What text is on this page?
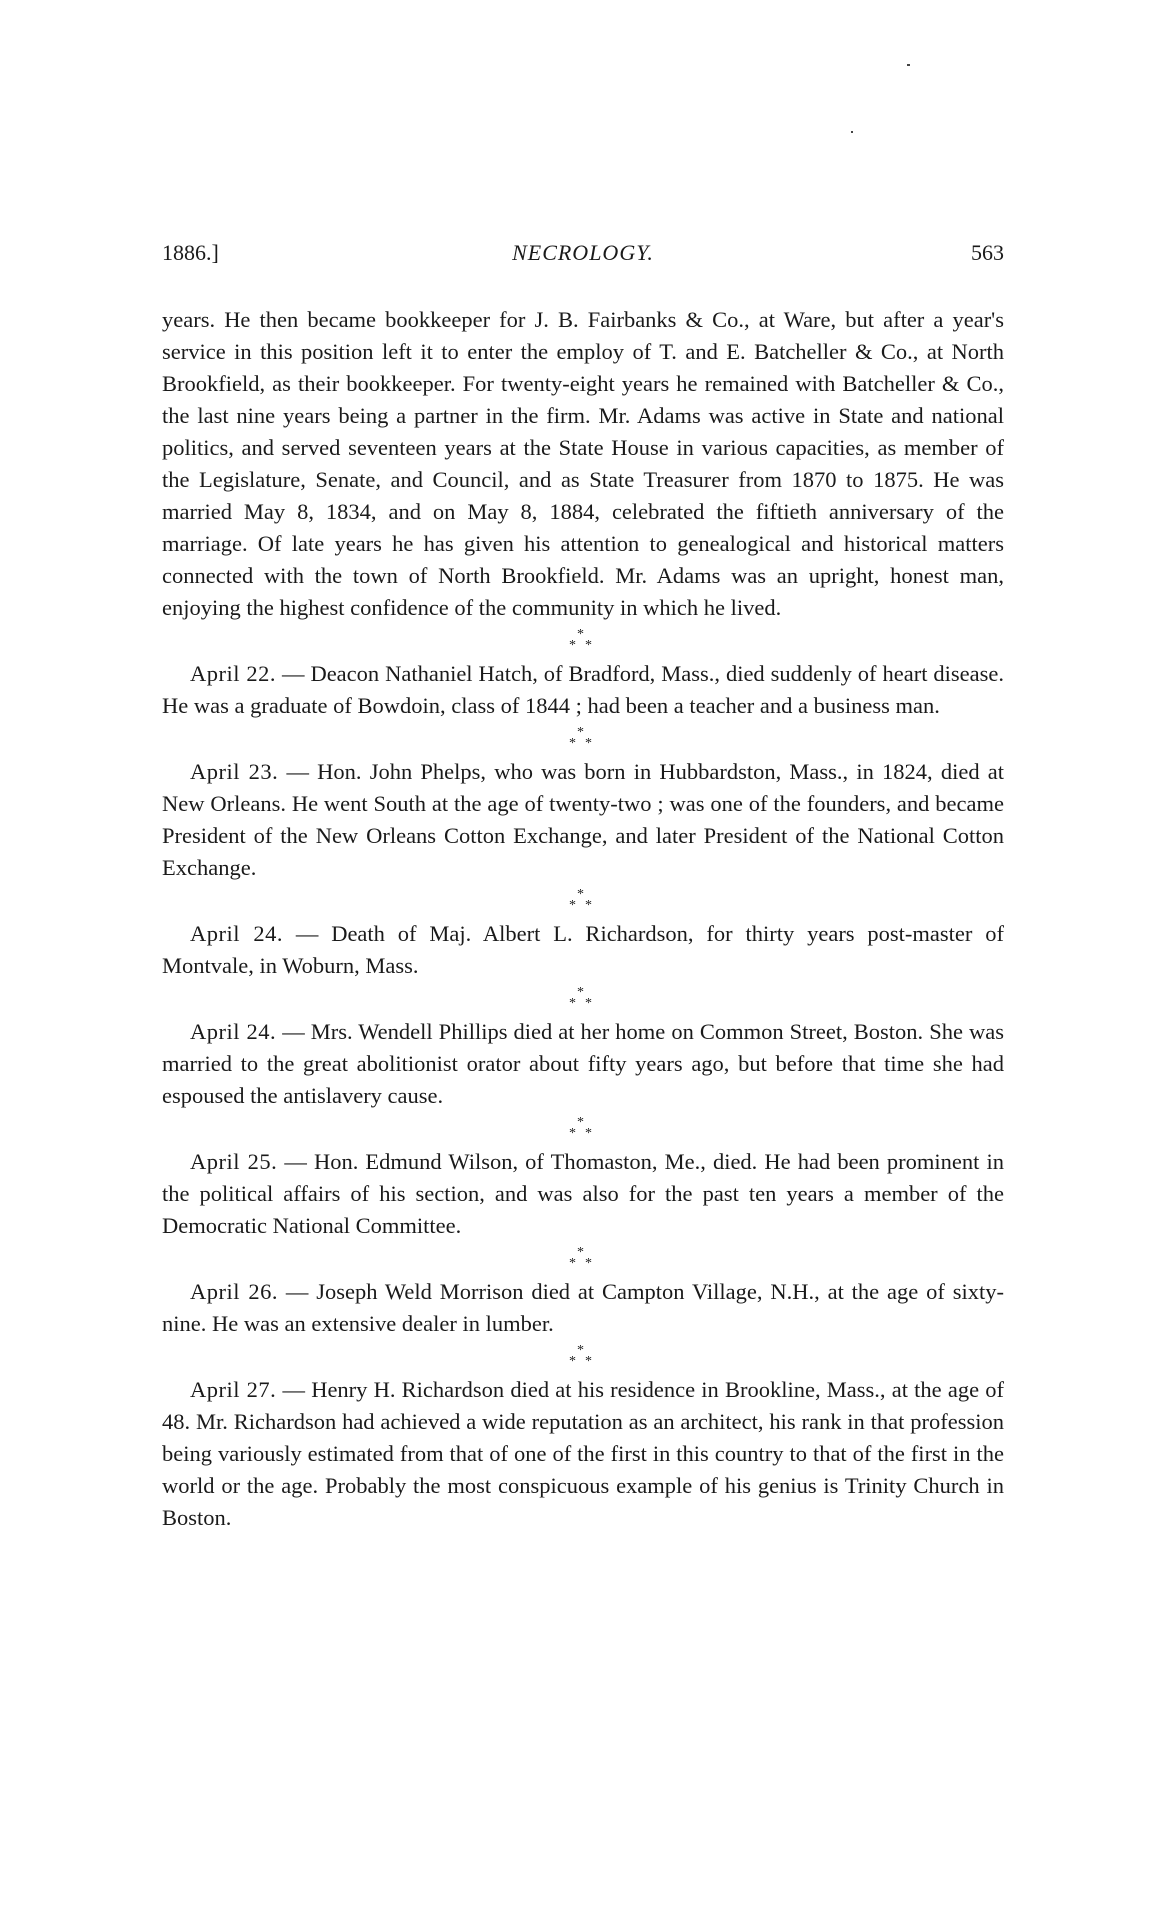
1886.]	NECROLOGY.	563

years. He then became bookkeeper for J. B. Fairbanks & Co., at Ware, but after a year's service in this position left it to enter the employ of T. and E. Batcheller & Co., at North Brookfield, as their bookkeeper. For twenty-eight years he remained with Batcheller & Co., the last nine years being a partner in the firm. Mr. Adams was active in State and national politics, and served seventeen years at the State House in various capacities, as member of the Legislature, Senate, and Council, and as State Treasurer from 1870 to 1875. He was married May 8, 1834, and on May 8, 1884, celebrated the fiftieth anniversary of the marriage. Of late years he has given his attention to genealogical and historical matters connected with the town of North Brookfield. Mr. Adams was an upright, honest man, enjoying the highest confidence of the community in which he lived.

*
* *

April 22. — Deacon Nathaniel Hatch, of Bradford, Mass., died suddenly of heart disease. He was a graduate of Bowdoin, class of 1844 ; had been a teacher and a business man.

*
* *

April 23. — Hon. John Phelps, who was born in Hubbardston, Mass., in 1824, died at New Orleans. He went South at the age of twenty-two ; was one of the founders, and became President of the New Orleans Cotton Exchange, and later President of the National Cotton Exchange.

*
* *

April 24. — Death of Maj. Albert L. Richardson, for thirty years post-master of Montvale, in Woburn, Mass.

*
* *

April 24. — Mrs. Wendell Phillips died at her home on Common Street, Boston. She was married to the great abolitionist orator about fifty years ago, but before that time she had espoused the antislavery cause.

*
* *

April 25. — Hon. Edmund Wilson, of Thomaston, Me., died. He had been prominent in the political affairs of his section, and was also for the past ten years a member of the Democratic National Committee.

*
* *

April 26. — Joseph Weld Morrison died at Campton Village, N.H., at the age of sixty-nine. He was an extensive dealer in lumber.

*
* *

April 27. — Henry H. Richardson died at his residence in Brookline, Mass., at the age of 48. Mr. Richardson had achieved a wide reputation as an architect, his rank in that profession being variously estimated from that of one of the first in this country to that of the first in the world or the age. Probably the most conspicuous example of his genius is Trinity Church in Boston.
